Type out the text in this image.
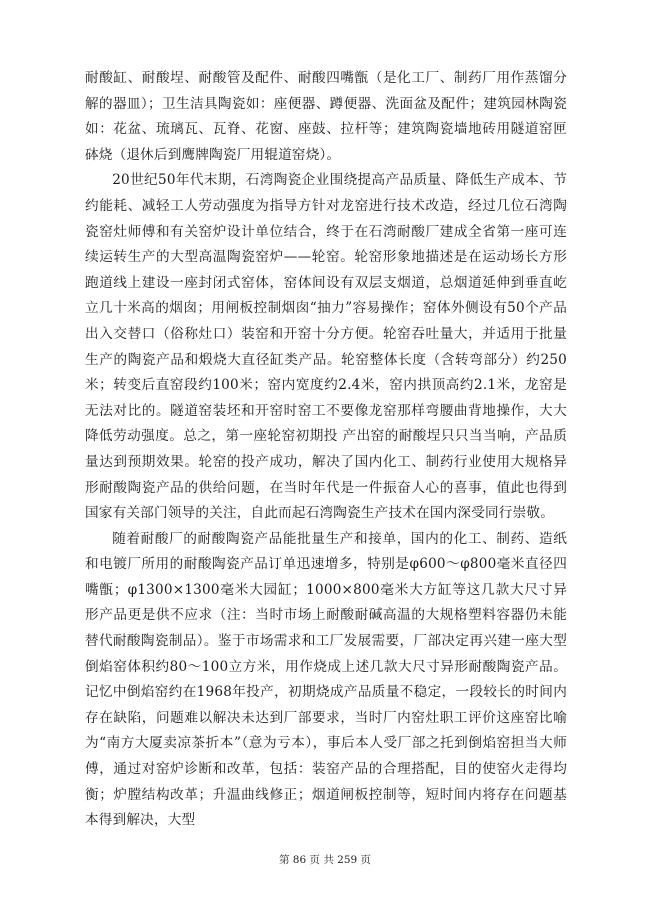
耐酸缸、耐酸埕、耐酸管及配件、耐酸四嘴甑（是化工厂、制药厂用作蒸馏分解的器皿）；卫生洁具陶瓷如：座便器、蹲便器、洗面盆及配件；建筑园林陶瓷如：花盆、琉璃瓦、瓦脊、花窗、座鼓、拉杆等；建筑陶瓷墙地砖用隧道窑匣砵烧（退休后到鹰牌陶瓷厂用辊道窑烧）。

20世纪50年代末期，石湾陶瓷企业围绕提高产品质量、降低生产成本、节约能耗、减轻工人劳动强度为指导方针对龙窑进行技术改造，经过几位石湾陶瓷窑灶师傅和有关窑炉设计单位结合，终于在石湾耐酸厂建成全省第一座可连续运转生产的大型高温陶瓷窑炉——轮窑。轮窑形象地描述是在运动场长方形跑道线上建设一座封闭式窑体，窑体间设有双层支烟道，总烟道延伸到垂直屹立几十米高的烟囱；用闸板控制烟囱“抽力”容易操作；窑体外侧设有50个产品出入交替口（俗称灶口）装窑和开窑十分方便。轮窑吞吐量大，并适用于批量生产的陶瓷产品和煅烧大直径缸类产品。轮窑整体长度（含转弯部分）约250米；转变后直窑段约100米；窑内宽度约2.4米，窑内拱顶高约2.1米，龙窑是无法对比的。隧道窑装坯和开窑时窑工不要像龙窑那样弯腰曲背地操作，大大降低劳动强度。总之，第一座轮窑初期投 产出窑的耐酸埕只只当当响，产品质量达到预期效果。轮窑的投产成功，解决了国内化工、制药行业使用大规格异形耐酸陶瓷产品的供给问题，在当时年代是一件振奋人心的喜事，值此也得到国家有关部门领导的关注，自此而起石湾陶瓷生产技术在国内深受同行崇敬。

随着耐酸厂的耐酸陶瓷产品能批量生产和接单，国内的化工、制药、造纸和电镀厂所用的耐酸陶瓷产品订单迅速增多，特别是φ600～φ800毫米直径四嘴甑；φ1300×1300毫米大园缸；1000×800毫米大方缸等这几款大尺寸异形产品更是供不应求（注：当时市场上耐酸耐碱高温的大规格塑料容器仍未能替代耐酸陶瓷制品）。鉴于市场需求和工厂发展需要，厂部决定再兴建一座大型倒焰窑体积约80～100立方米，用作烧成上述几款大尺寸异形耐酸陶瓷产品。记忆中倒焰窑约在1968年投产，初期烧成产品质量不稳定，一段较长的时间内存在缺陷，问题难以解决未达到厂部要求，当时厂内窑灶职工评价这座窑比喻为“南方大厦卖凉茶折本”（意为亏本），事后本人受厂部之托到倒焰窑担当大师傅，通过对窑炉诊断和改革，包括：装窑产品的合理搭配，目的使窑火走得均衡；炉膛结构改革；升温曲线修正；烟道闸板控制等，短时间内将存在问题基本得到解决，大型

第 86 页 共 259 页
